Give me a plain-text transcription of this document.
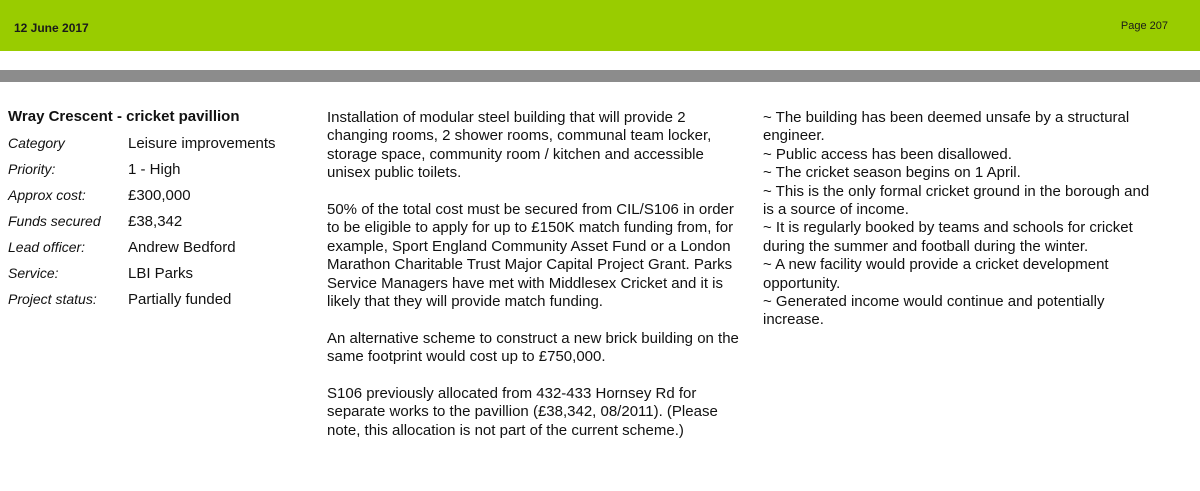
12 June 2017	Page 207
Wray Crescent - cricket pavillion
Category	Leisure improvements
Priority:	1 - High
Approx cost:	£300,000
Funds secured	£38,342
Lead officer:	Andrew Bedford
Service:	LBI Parks
Project status:	Partially funded

Installation of modular steel building that will provide 2 changing rooms, 2 shower rooms, communal team locker, storage space, community room / kitchen and accessible unisex public toilets.

50% of the total cost must be secured from CIL/S106 in order to be eligible to apply for up to £150K match funding from, for example, Sport England Community Asset Fund or a London Marathon Charitable Trust Major Capital Project Grant. Parks Service Managers have met with Middlesex Cricket and it is likely that they will provide match funding.

An alternative scheme to construct a new brick building on the same footprint would cost up to £750,000.

S106 previously allocated from 432-433 Hornsey Rd for separate works to the pavillion (£38,342, 08/2011). (Please note, this allocation is not part of the current scheme.)

~ The building has been deemed unsafe by a structural engineer.
~ Public access has been disallowed.
~ The cricket season begins on 1 April.
~ This is the only formal cricket ground in the borough and is a source of income.
~ It is regularly booked by teams and schools for cricket during the summer and football during the winter.
~ A new facility would provide a cricket development opportunity.
~ Generated income would continue and potentially increase.
